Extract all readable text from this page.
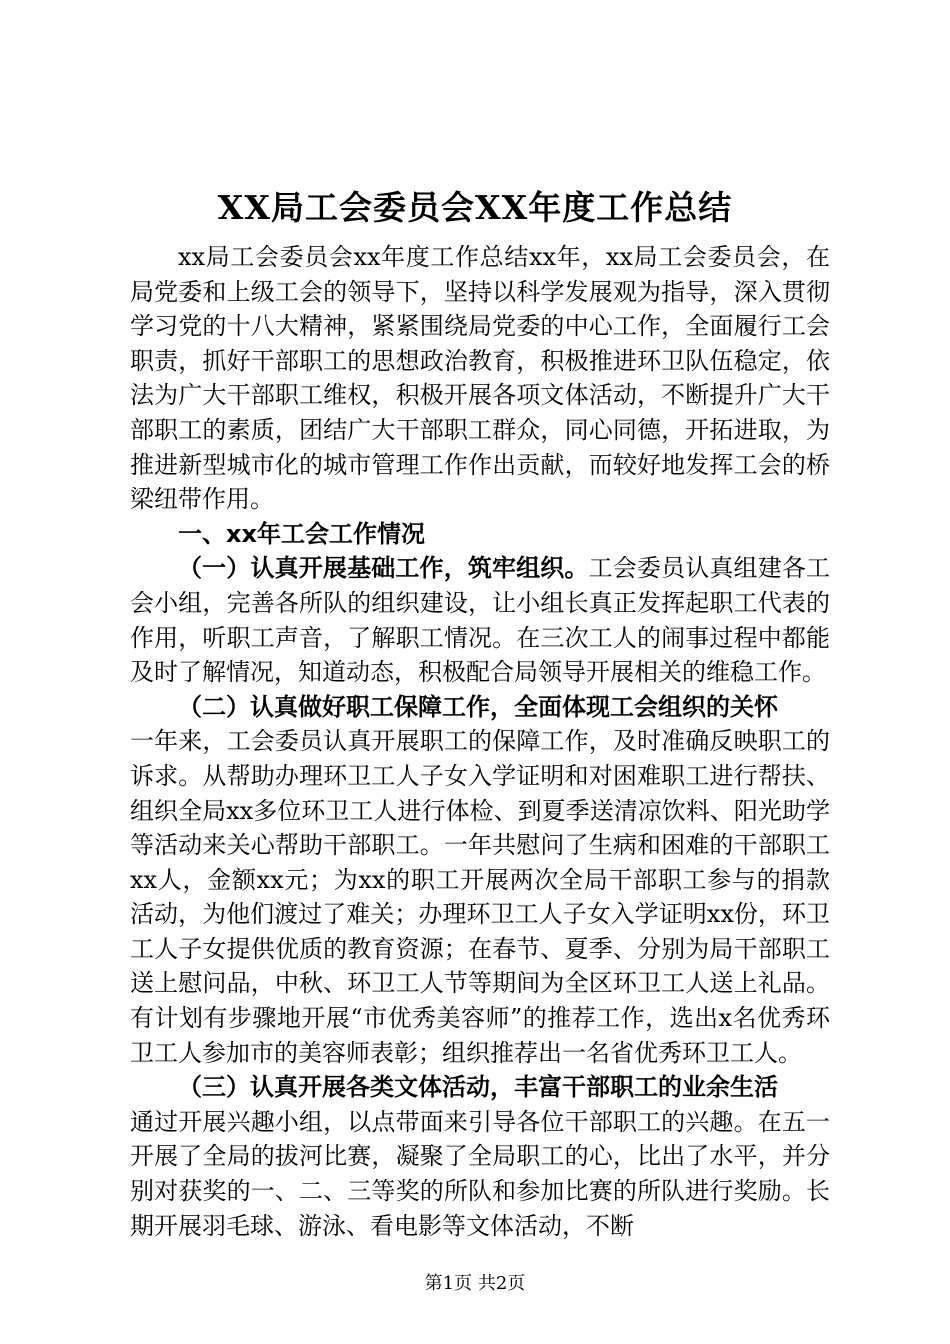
XX局工会委员会XX年度工作总结

xx局工会委员会xx年度工作总结xx年，xx局工会委员会，在局党委和上级工会的领导下，坚持以科学发展观为指导，深入贯彻学习党的十八大精神，紧紧围绕局党委的中心工作，全面履行工会职责，抓好干部职工的思想政治教育，积极推进环卫队伍稳定，依法为广大干部职工维权，积极开展各项文体活动，不断提升广大干部职工的素质，团结广大干部职工群众，同心同德，开拓进取，为推进新型城市化的城市管理工作作出贡献，而较好地发挥工会的桥梁纽带作用。

一、xx年工会工作情况

（一）认真开展基础工作，筑牢组织。工会委员认真组建各工会小组，完善各所队的组织建设，让小组长真正发挥起职工代表的作用，听职工声音，了解职工情况。在三次工人的闹事过程中都能及时了解情况，知道动态，积极配合局领导开展相关的维稳工作。

（二）认真做好职工保障工作，全面体现工会组织的关怀

一年来，工会委员认真开展职工的保障工作，及时准确反映职工的诉求。从帮助办理环卫工人子女入学证明和对困难职工进行帮扶、组织全局xx多位环卫工人进行体检、到夏季送清凉饮料、阳光助学等活动来关心帮助干部职工。一年共慰问了生病和困难的干部职工xx人，金额xx元；为xx的职工开展两次全局干部职工参与的捐款活动，为他们渡过了难关；办理环卫工人子女入学证明xx份，环卫工人子女提供优质的教育资源；在春节、夏季、分别为局干部职工送上慰问品，中秋、环卫工人节等期间为全区环卫工人送上礼品。有计划有步骤地开展“市优秀美容师”的推荐工作，选出x名优秀环卫工人参加市的美容师表彰；组织推荐出一名省优秀环卫工人。

（三）认真开展各类文体活动，丰富干部职工的业余生活

通过开展兴趣小组，以点带面来引导各位干部职工的兴趣。在五一开展了全局的拔河比赛，凝聚了全局职工的心，比出了水平，并分别对获奖的一、二、三等奖的所队和参加比赛的所队进行奖励。长期开展羽毛球、游泳、看电影等文体活动，不断

第1页 共2页
